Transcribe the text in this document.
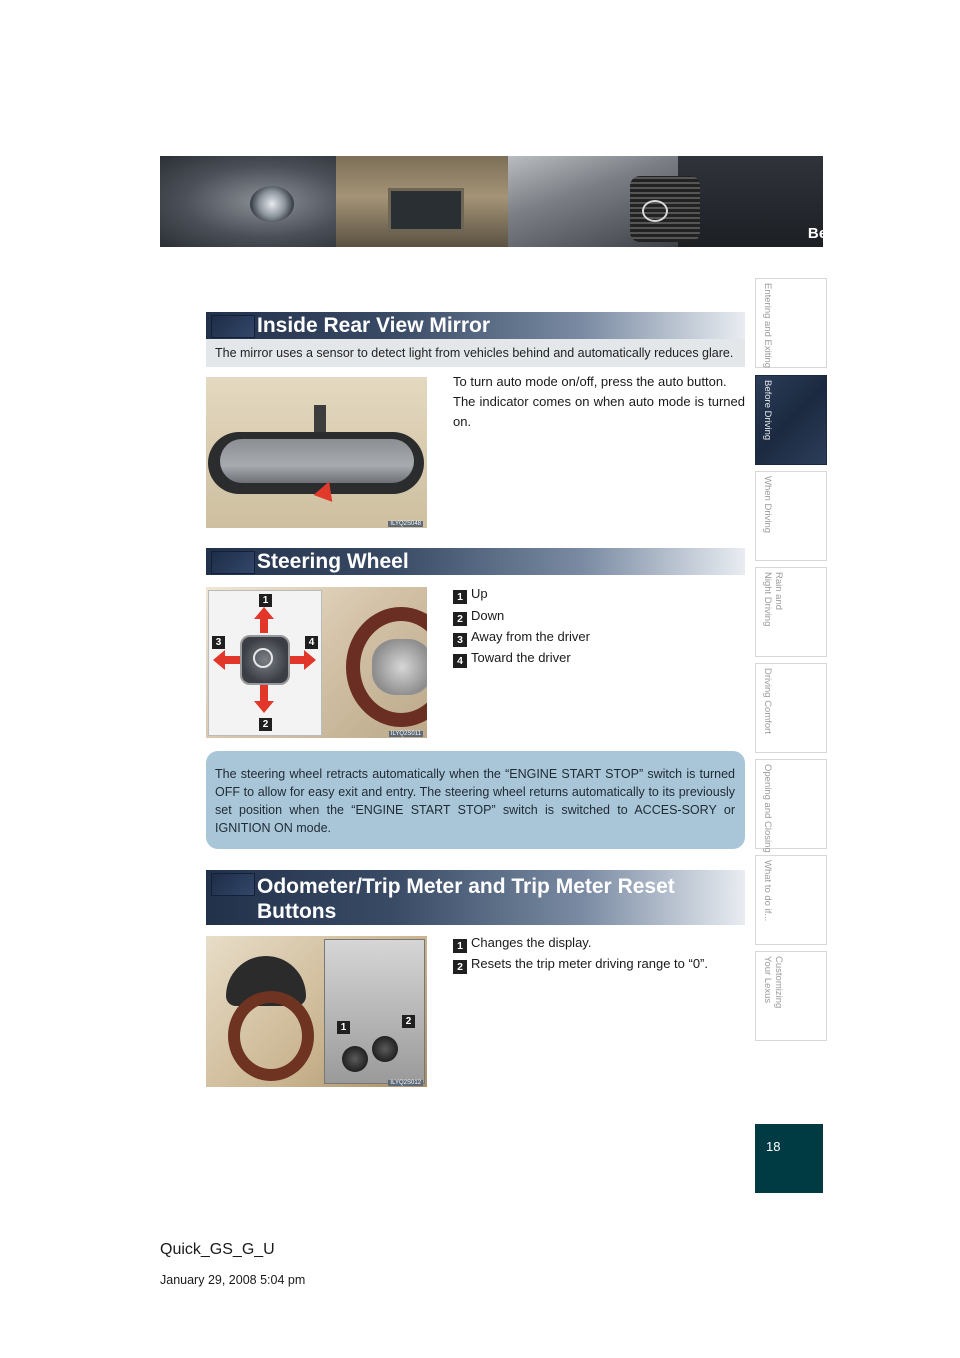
Topic 2
Before Driving
Entering and Exiting
Before Driving
When Driving
Rain and
Night Driving
Driving Comfort
Opening and Closing
What to do if...
Customizing
Your Lexus
18
Inside Rear View Mirror
The mirror uses a sensor to detect light from vehicles behind and automatically reduces glare.
ILYQ2S048
To turn auto mode on/off, press the auto button.
The indicator comes on when auto mode is turned on.
Steering Wheel
1
2
3	4
ILYQ2S011
1 Up
2 Down
3 Away from the driver
4 Toward the driver
The steering wheel retracts automatically when the “ENGINE START STOP” switch is turned OFF to allow for easy exit and entry. The steering wheel returns automatically to its previously set position when the “ENGINE START STOP” switch is switched to ACCES-SORY or IGNITION ON mode.
Odometer/Trip Meter and Trip Meter Reset
Buttons
1
2
ILYQ2S012
1 Changes the display.
2 Resets the trip meter driving range to “0”.
Quick_GS_G_U
January 29, 2008 5:04 pm
